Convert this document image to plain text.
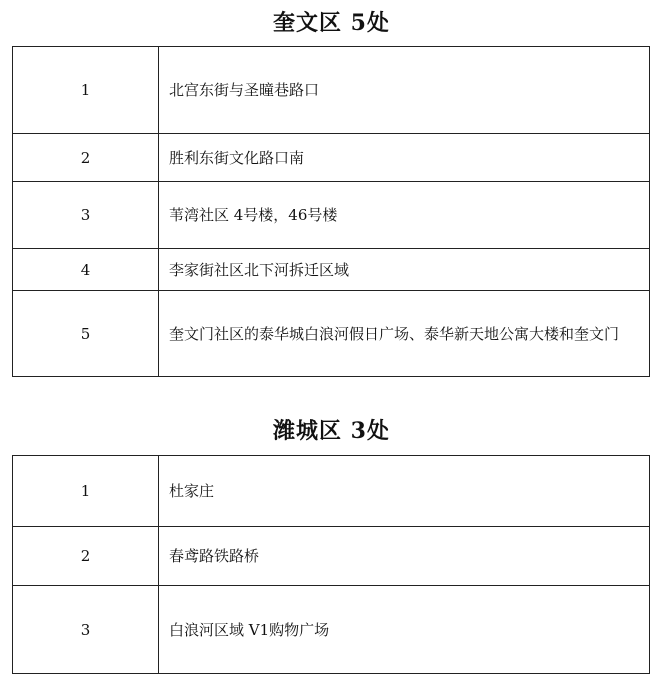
奎文区 5处
1	北宫东街与圣曈巷路口
2	胜利东街文化路口南
3	苇湾社区 4号楼，46号楼
4	李家街社区北下河拆迁区域
5	奎文门社区的泰华城白浪河假日广场、泰华新天地公寓大楼和奎文门
潍城区 3处
1	杜家庄
2	春鸢路铁路桥
3	白浪河区域 V1购物广场
